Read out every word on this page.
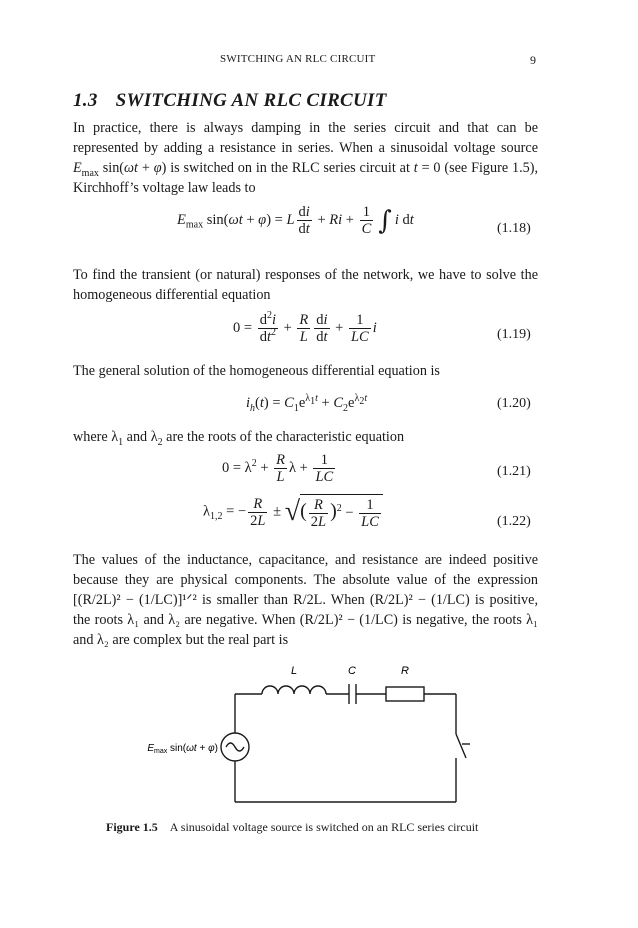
SWITCHING AN RLC CIRCUIT	9
1.3 SWITCHING AN RLC CIRCUIT

In practice, there is always damping in the series circuit and that can be represented by adding a resistance in series. When a sinusoidal voltage source $E_{max}$ sin(ωt + φ) is switched on in the RLC series circuit at t = 0 (see Figure 1.5), Kirchhoff’s voltage law leads to

$E_{max}$ sin(ωt + φ) = L $\frac{di}{dt} + Ri + \frac{1}{C}$ ∫ i dt
(1.18)

To find the transient (or natural) responses of the network, we have to solve the homogeneous differential equation

$0 = \frac{d^2i}{dt^2} + \frac{R}{L} \frac{di}{dt} + \frac{1}{LC}$ i	(1.19)

The general solution of the homogeneous differential equation is

$i_h(t) = C_1e^{\lambda_1t} + C_2e^{\lambda_2t}$	(1.20)

where $\lambda_1$ and $\lambda_2$ are the roots of the characteristic equation

$0 = \lambda^2 + \frac{R}{L}$ $\lambda + \frac{1}{LC}$	(1.21)
$\lambda_{1,2}$ = − $\frac{R}{2L}$ ± √( $\frac{R}{2L} )^2 - \frac{1}{LC}$	(1.22)

The values of the inductance, capacitance, and resistance are indeed positive because they are physical components. The absolute value of the expression [(R/2L)² − (1/LC)]¹ᐟ² is smaller than R/2L. When (R/2L)² − (1/LC) is positive, the roots λ₁ and λ₂ are negative. When (R/2L)² − (1/LC) is negative, the roots λ₁ and λ₂ are complex but the real part is

L	C	R
$E_{max}$ sin(ωt + φ)
Figure 1.5 A sinusoidal voltage source is switched on an RLC series circuit
